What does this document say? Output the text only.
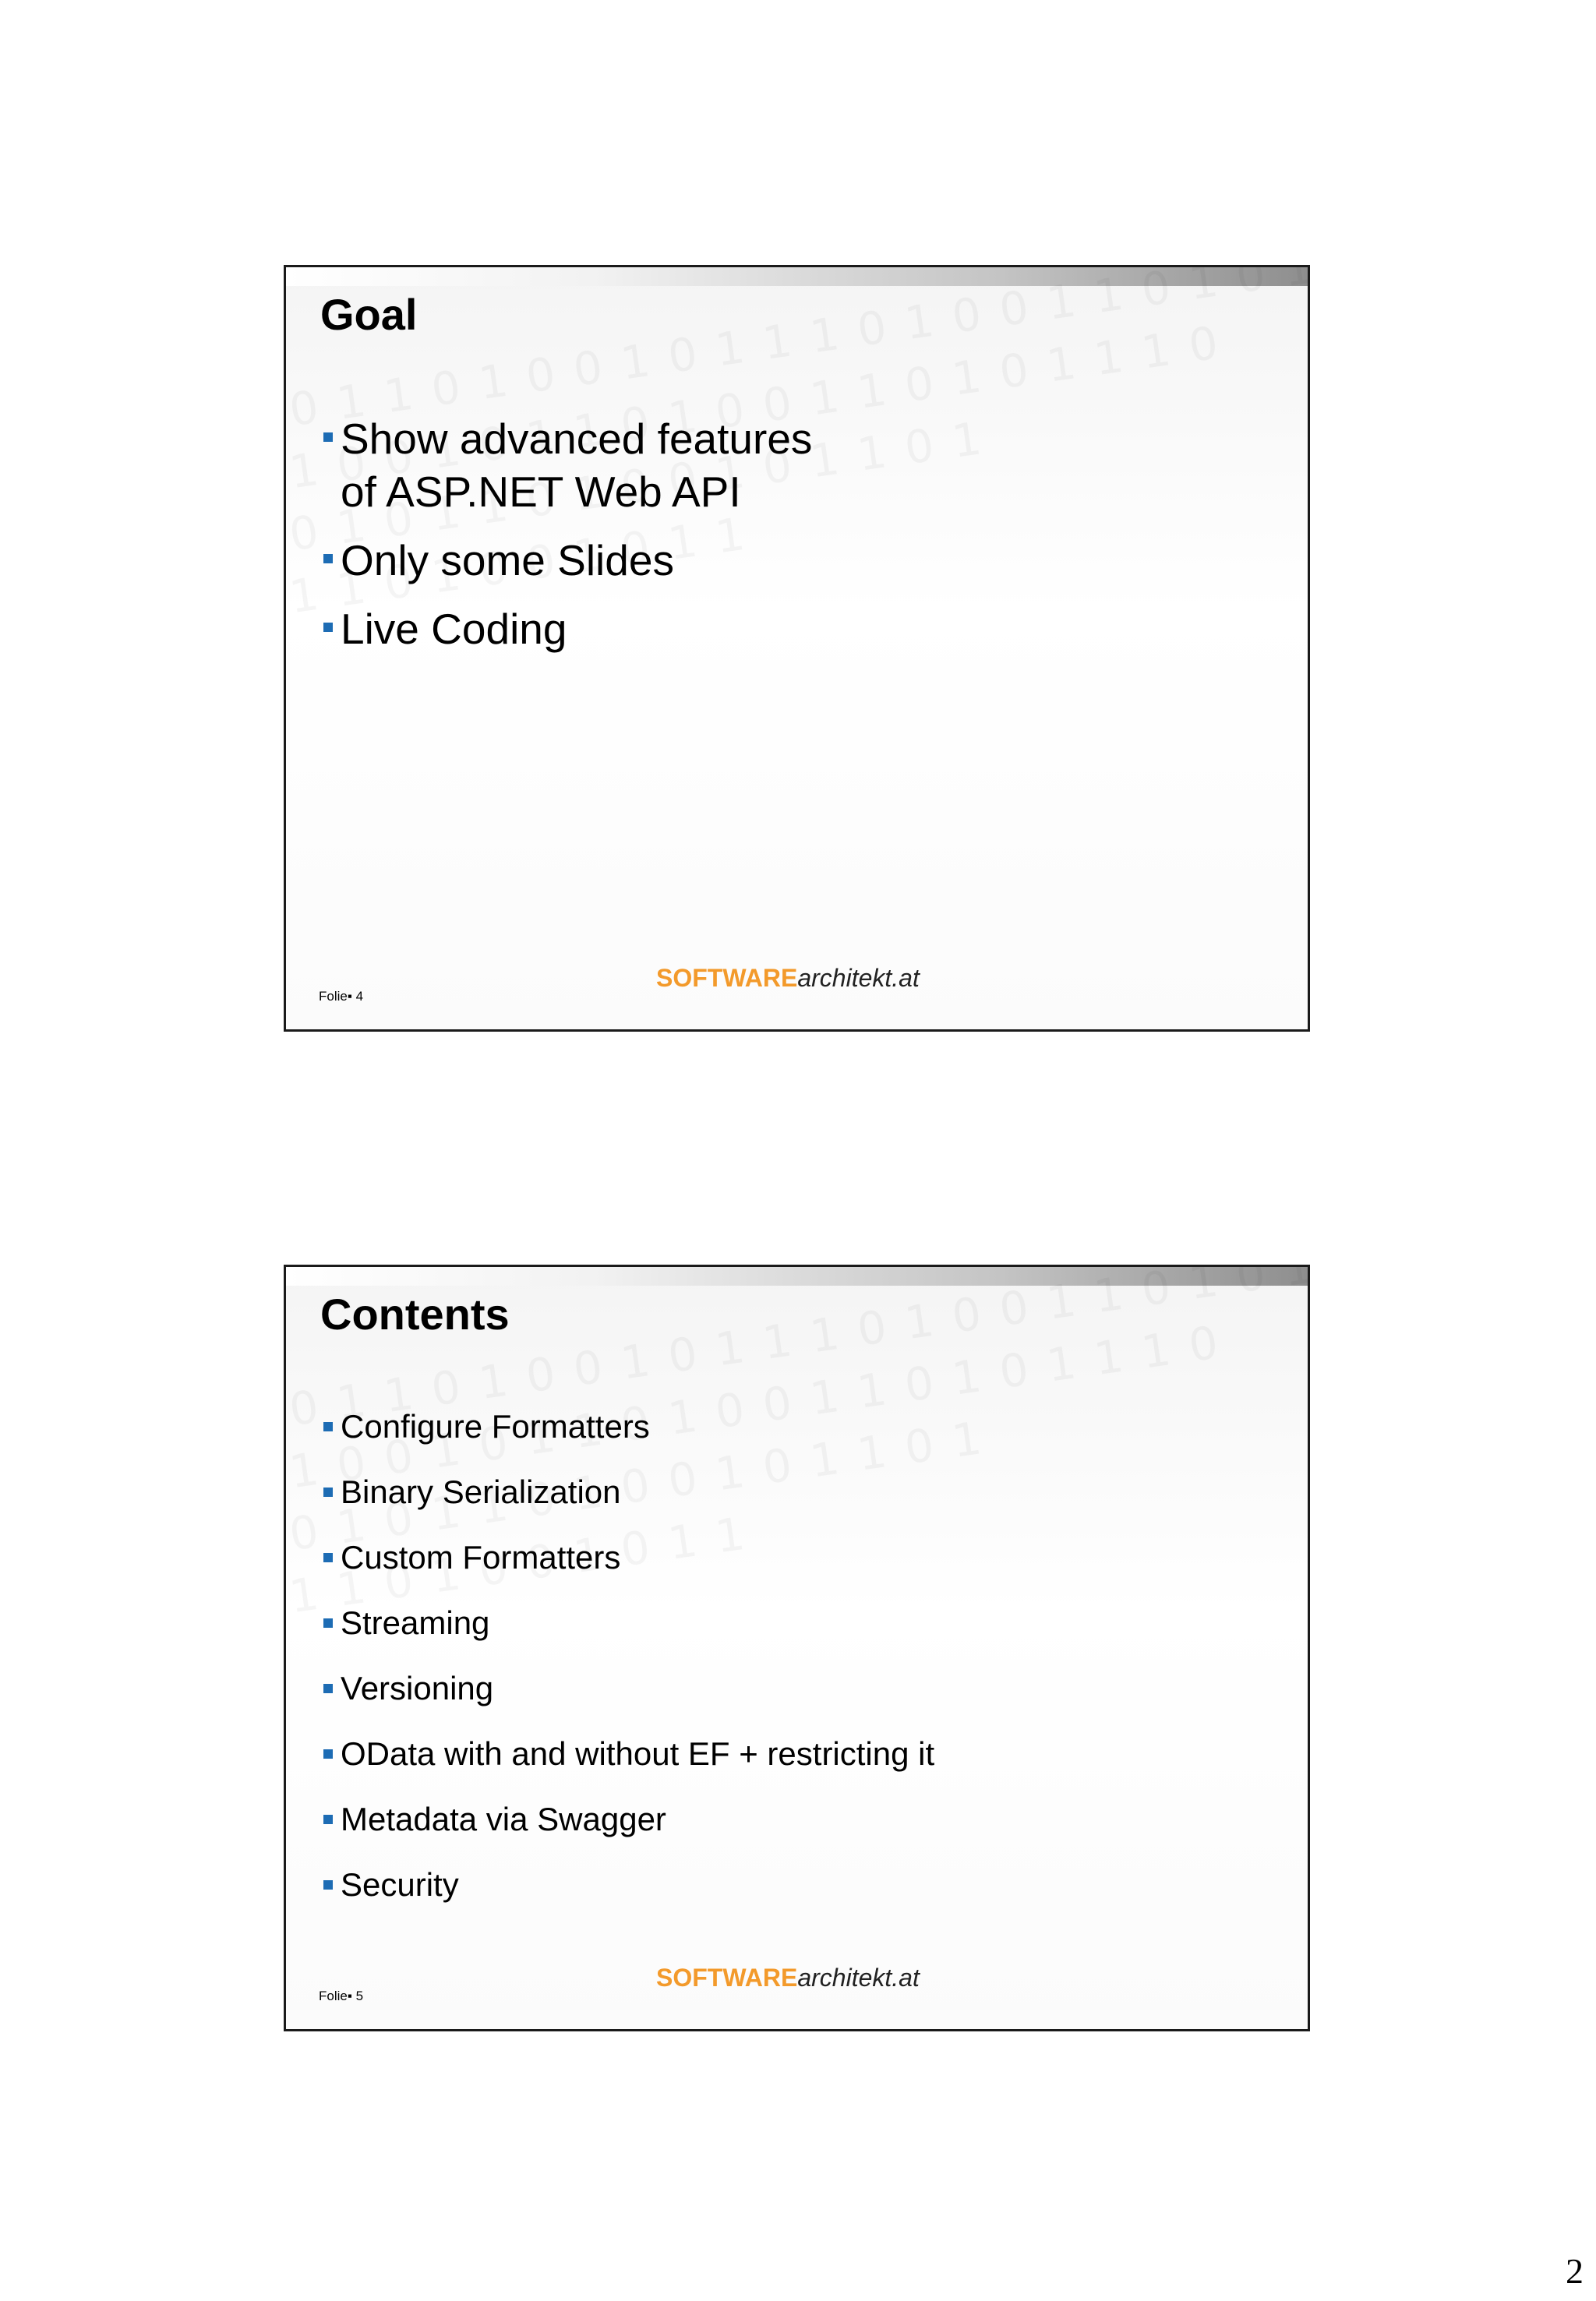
Goal
Show advanced features
of ASP.NET Web API
Only some Slides
Live Coding
SOFTWAREarchitekt.at
Folie▪ 4
Contents
Configure Formatters
Binary Serialization
Custom Formatters
Streaming
Versioning
OData with and without EF + restricting it
Metadata via Swagger
Security
SOFTWAREarchitekt.at
Folie▪ 5
2
